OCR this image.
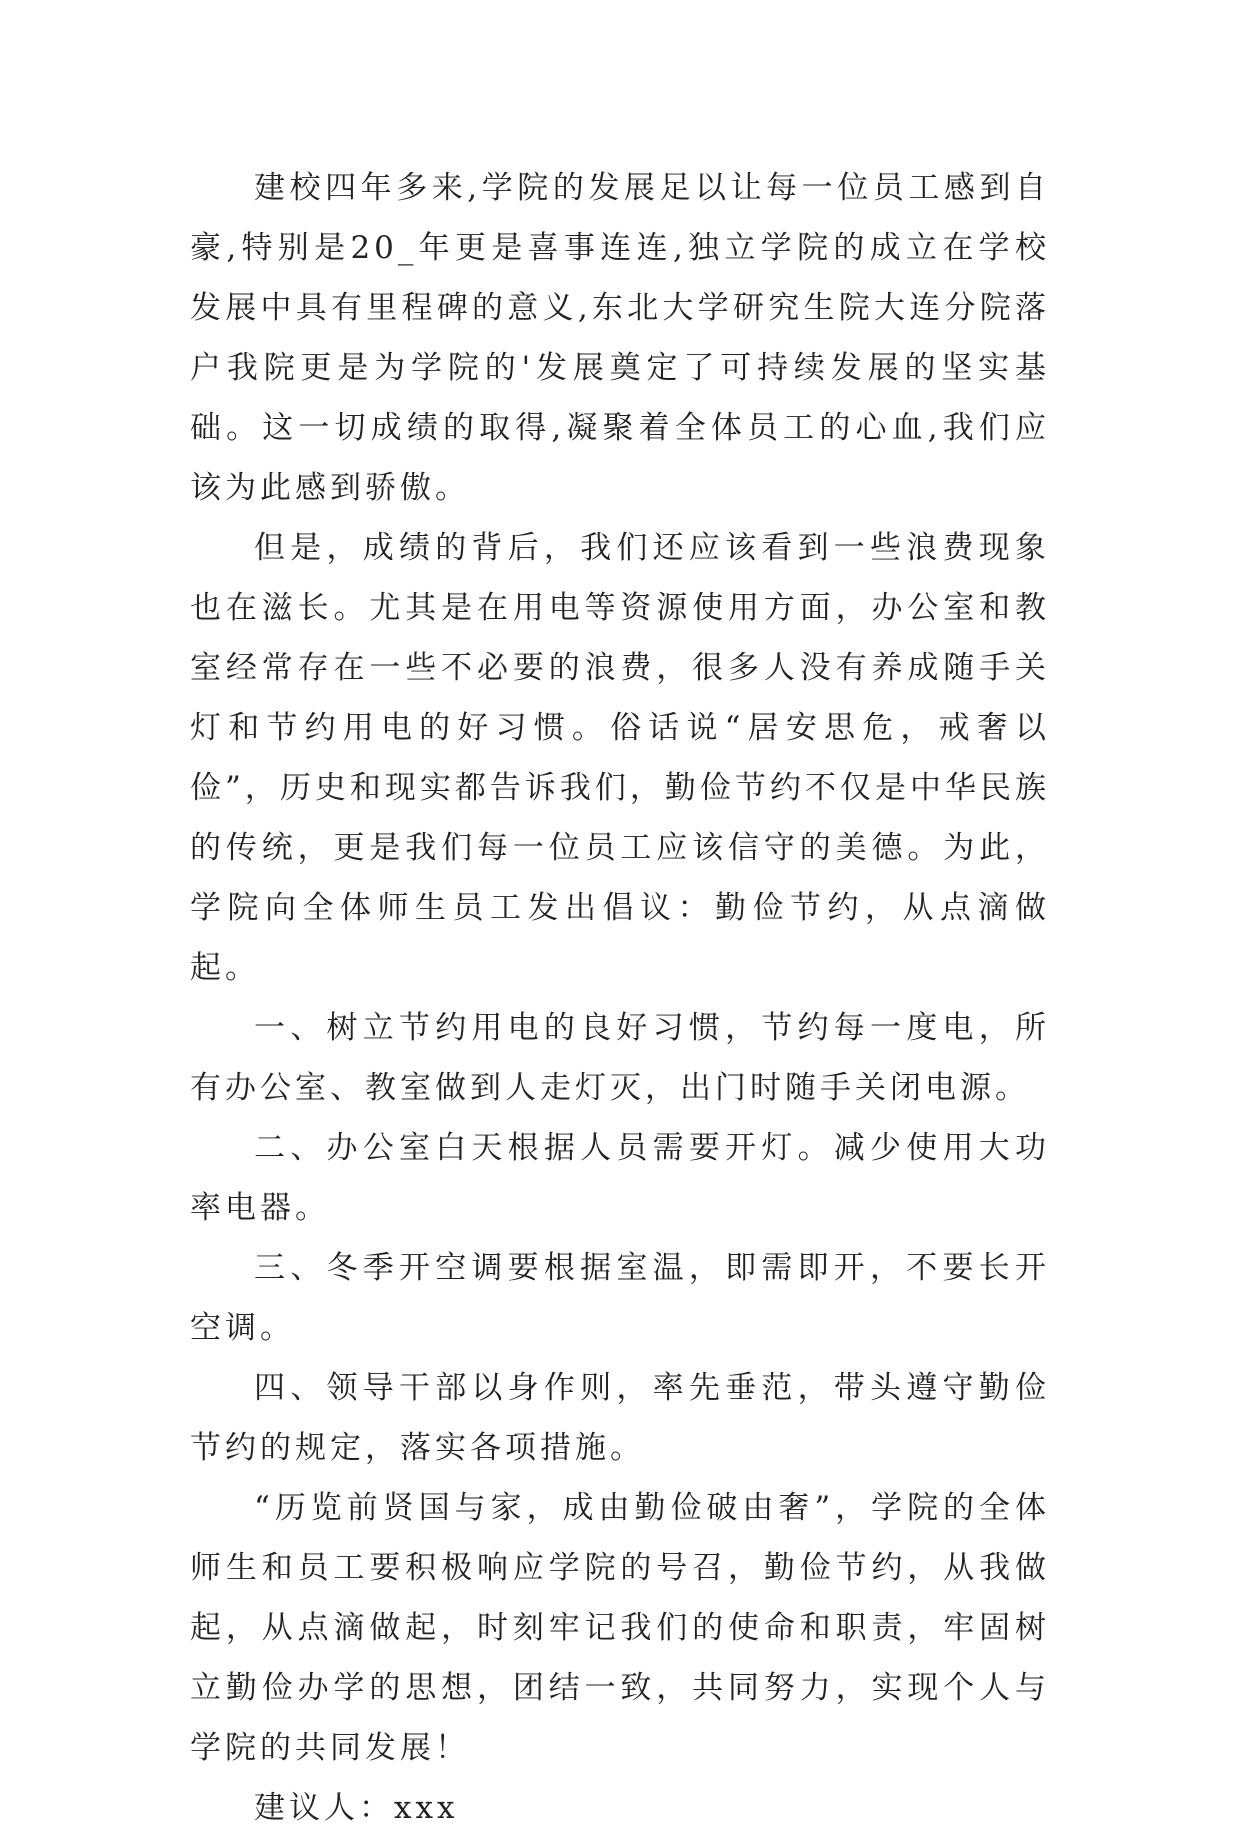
建校四年多来,学院的发展足以让每一位员工感到自豪,特别是20_年更是喜事连连,独立学院的成立在学校发展中具有里程碑的意义,东北大学研究生院大连分院落户我院更是为学院的'发展奠定了可持续发展的坚实基础。这一切成绩的取得,凝聚着全体员工的心血,我们应该为此感到骄傲。

但是，成绩的背后，我们还应该看到一些浪费现象也在滋长。尤其是在用电等资源使用方面，办公室和教室经常存在一些不必要的浪费，很多人没有养成随手关灯和节约用电的好习惯。俗话说“居安思危，戒奢以俭”，历史和现实都告诉我们，勤俭节约不仅是中华民族的传统，更是我们每一位员工应该信守的美德。为此，学院向全体师生员工发出倡议：勤俭节约，从点滴做起。

一、树立节约用电的良好习惯，节约每一度电，所有办公室、教室做到人走灯灭，出门时随手关闭电源。

二、办公室白天根据人员需要开灯。减少使用大功率电器。

三、冬季开空调要根据室温，即需即开，不要长开空调。

四、领导干部以身作则，率先垂范，带头遵守勤俭节约的规定，落实各项措施。

“历览前贤国与家，成由勤俭破由奢”，学院的全体师生和员工要积极响应学院的号召，勤俭节约，从我做起，从点滴做起，时刻牢记我们的使命和职责，牢固树立勤俭办学的思想，团结一致，共同努力，实现个人与学院的共同发展！

建议人：xxx
